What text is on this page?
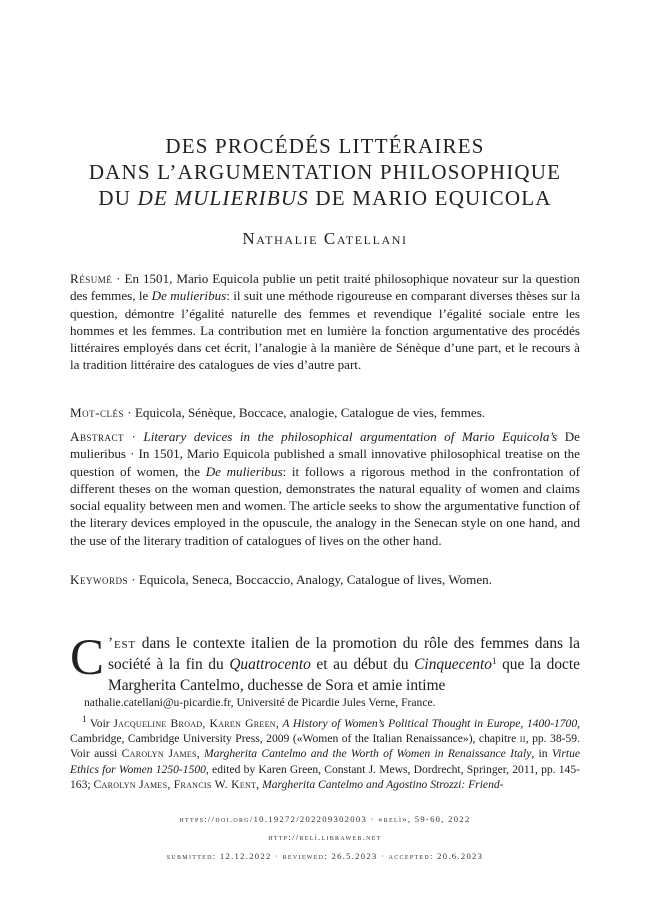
DES PROCÉDÉS LITTÉRAIRES
DANS L’ARGUMENTATION PHILOSOPHIQUE
DU DE MULIERIBUS DE MARIO EQUICOLA
Nathalie Catellani
Résumé · En 1501, Mario Equicola publie un petit traité philosophique novateur sur la question des femmes, le De mulieribus: il suit une méthode rigoureuse en comparant diverses thèses sur la question, démontre l’égalité naturelle des femmes et revendique l’égalité sociale entre les hommes et les femmes. La contribution met en lumière la fonction argumentative des procédés littéraires employés dans cet écrit, l’analogie à la manière de Sénèque d’une part, et le recours à la tradition littéraire des catalogues de vies d’autre part.
Mot-clés · Equicola, Sénèque, Boccace, analogie, Catalogue de vies, femmes.
Abstract · Literary devices in the philosophical argumentation of Mario Equicola’s De mulieribus · In 1501, Mario Equicola published a small innovative philosophical treatise on the question of women, the De mulieribus: it follows a rigorous method in the confrontation of different theses on the woman question, demonstrates the natural equality of women and claims social equality between men and women. The article seeks to show the argumentative function of the literary devices employed in the opuscule, the analogy in the Senecan style on one hand, and the use of the literary tradition of catalogues of lives on the other hand.
Keywords · Equicola, Seneca, Boccaccio, Analogy, Catalogue of lives, Women.
C ’est dans le contexte italien de la promotion du rôle des femmes dans la société à la fin du Quattrocento et au début du Cinquecento$^1$ que la docte Margherita Cantelmo, duchesse de Sora et amie intime
nathalie.catellani@u-picardie.fr, Université de Picardie Jules Verne, France.
$^1$ Voir Jacqueline Broad, Karen Green, A History of Women’s Political Thought in Europe, 1400-1700, Cambridge, Cambridge University Press, 2009 («Women of the Italian Renaissance»), chapitre ii, pp. 38-59. Voir aussi Carolyn James, Margherita Cantelmo and the Worth of Women in Renaissance Italy, in Virtue Ethics for Women 1250-1500, edited by Karen Green, Constant J. Mews, Dordrecht, Springer, 2011, pp. 145-163; Carolyn James, Francis W. Kent, Margherita Cantelmo and Agostino Strozzi: Friend-
https://doi.org/10.19272/202209302003 · «relì», 59-60, 2022
http://relì.libraweb.net
submitted: 12.12.2022 · reviewed: 26.5.2023 · accepted: 20.6.2023
